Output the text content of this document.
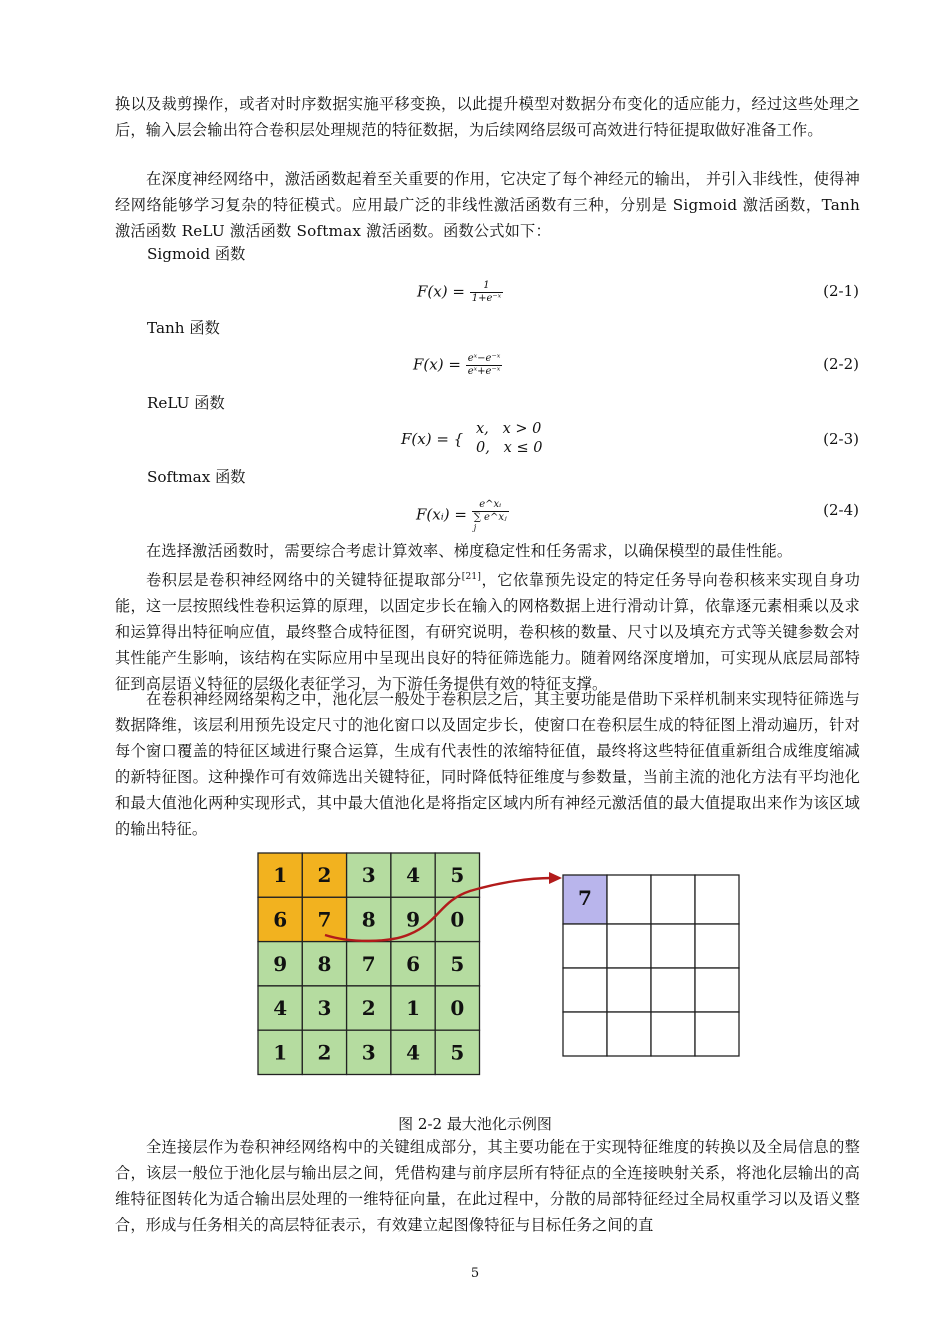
换以及裁剪操作，或者对时序数据实施平移变换，以此提升模型对数据分布变化的适应能力，经过这些处理之后，输入层会输出符合卷积层处理规范的特征数据，为后续网络层级可高效进行特征提取做好准备工作。

在深度神经网络中，激活函数起着至关重要的作用，它决定了每个神经元的输出， 并引入非线性，使得神经网络能够学习复杂的特征模式。应用最广泛的非线性激活函数有三种，分别是 Sigmoid 激活函数，Tanh 激活函数 ReLU 激活函数 Softmax 激活函数。函数公式如下：

Sigmoid 函数
$F(x) = \frac{1}{\text{1+e⁻ˣ}}$	(2-1)
Tanh 函数
$F(x) = \frac{\text{eˣ−e⁻ˣ}}{\text{eˣ+e⁻ˣ}}$	(2-2)
ReLU 函数
F(x) = {
x,   x > 0
0,   x ≤ 0	(2-3)
Softmax 函数
F(xᵢ) =
e^xᵢ
∑ e^xⱼ
j
(2-4)

在选择激活函数时，需要综合考虑计算效率、梯度稳定性和任务需求，以确保模型的最佳性能。

卷积层是卷积神经网络中的关键特征提取部分[21]，它依靠预先设定的特定任务导向卷积核来实现自身功能，这一层按照线性卷积运算的原理，以固定步长在输入的网格数据上进行滑动计算，依靠逐元素相乘以及求和运算得出特征响应值，最终整合成特征图，有研究说明，卷积核的数量、尺寸以及填充方式等关键参数会对其性能产生影响，该结构在实际应用中呈现出良好的特征筛选能力。随着网络深度增加，可实现从底层局部特征到高层语义特征的层级化表征学习，为下游任务提供有效的特征支撑。

在卷积神经网络架构之中，池化层一般处于卷积层之后，其主要功能是借助下采样机制来实现特征筛选与数据降维，该层利用预先设定尺寸的池化窗口以及固定步长，使窗口在卷积层生成的特征图上滑动遍历，针对每个窗口覆盖的特征区域进行聚合运算，生成有代表性的浓缩特征值，最终将这些特征值重新组合成维度缩减的新特征图。这种操作可有效筛选出关键特征，同时降低特征维度与参数量，当前主流的池化方法有平均池化和最大值池化两种实现形式，其中最大值池化是将指定区域内所有神经元激活值的最大值提取出来作为该区域的输出特征。

1 2 3 4 5
6 7 8 9 0
9 8 7 6 5
4 3 2 1 0
1 2 3 4 5
7
图 2-2 最大池化示例图

全连接层作为卷积神经网络构中的关键组成部分，其主要功能在于实现特征维度的转换以及全局信息的整合，该层一般位于池化层与输出层之间，凭借构建与前序层所有特征点的全连接映射关系，将池化层输出的高维特征图转化为适合输出层处理的一维特征向量，在此过程中，分散的局部特征经过全局权重学习以及语义整合，形成与任务相关的高层特征表示，有效建立起图像特征与目标任务之间的直

5
